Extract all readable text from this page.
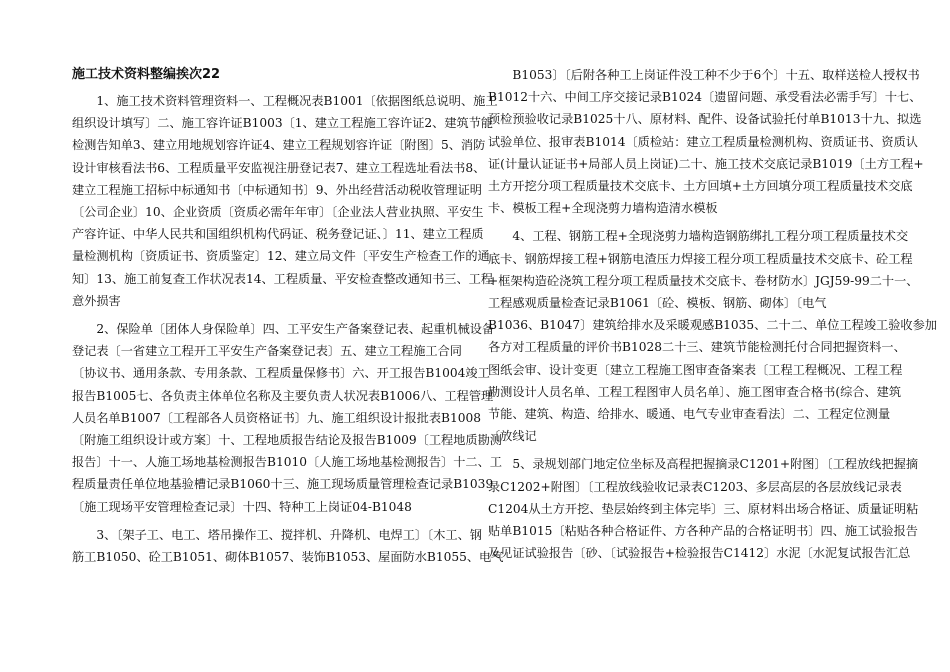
施工技术资料整编挨次22
1、施工技术资料管理资料一、工程概况表B1001〔依据图纸总说明、施工
组织设计填写〕二、施工容许证B1003〔1、建立工程施工容许证2、建筑节能
检测告知单3、建立用地规划容许证4、建立工程规划容许证〔附图〕5、消防
设计审核看法书6、工程质量平安监视注册登记表7、建立工程选址看法书8、
建立工程施工招标中标通知书〔中标通知书〕9、外出经营活动税收管理证明
〔公司企业〕10、企业资质〔资质必需年年审〕〔企业法人营业执照、平安生
产容许证、中华人民共和国组织机构代码证、税务登记证、〕11、建立工程质
量检测机构〔资质证书、资质鉴定〕12、建立局文件〔平安生产检查工作的通
知〕13、施工前复查工作状况表14、工程质量、平安检查整改通知书三、工程
意外损害
2、保险单〔团体人身保险单〕四、工平安生产备案登记表、起重机械设备
登记表〔一省建立工程开工平安生产备案登记表〕五、建立工程施工合同
〔协议书、通用条款、专用条款、工程质量保修书〕六、开工报告B1004竣工
报告B1005七、各负责主体单位名称及主要负责人状况表B1006八、工程管理
人员名单B1007〔工程部各人员资格证书〕九、施工组织设计报批表B1008
〔附施工组织设计或方案〕十、工程地质报告结论及报告B1009〔工程地质勘测
报告〕十一、人施工场地基检测报告B1010〔人施工场地基检测报告〕十二、工
程质量责任单位地基验槽记录B1060十三、施工现场质量管理检查记录B1039
〔施工现场平安管理检查记录〕十四、特种工上岗证04-B1048
3、〔架子工、电工、塔吊操作工、搅拌机、升降机、电焊工〕〔木工、钢
筋工B1050、砼工B1051、砌体B1057、装饰B1053、屋面防水B1055、电气
B1053〕〔后附各种工上岗证件没工种不少于6个〕十五、取样送检人授权书
B1012十六、中间工序交接记录B1024〔遗留问题、承受看法必需手写〕十七、
预检预验收记录B1025十八、原材料、配件、设备试验托付单B1013十九、拟选
试验单位、报审表B1014〔质检站：建立工程质量检测机构、资质证书、资质认
证(计量认证证书+局部人员上岗证)二十、施工技术交底记录B1019〔土方工程+
土方开挖分项工程质量技术交底卡、土方回填+土方回填分项工程质量技术交底
卡、模板工程+全现浇剪力墙构造清水模板
4、工程、钢筋工程+全现浇剪力墙构造钢筋绑扎工程分项工程质量技术交
底卡、钢筋焊接工程+钢筋电渣压力焊接工程分项工程质量技术交底卡、砼工程
+框架构造砼浇筑工程分项工程质量技术交底卡、卷材防水〕JGJ59-99二十一、
工程感观质量检查记录B1061〔砼、模板、钢筋、砌体〕〔电气
B1036、B1047〕建筑给排水及采暖观感B1035、二十二、单位工程竣工验收参加
各方对工程质量的评价书B1028二十三、建筑节能检测托付合同把握资料一、
图纸会审、设计变更〔建立工程施工图审查备案表〔工程工程概况、工程工程
勘测设计人员名单、工程工程图审人员名单〕、施工图审查合格书(综合、建筑
节能、建筑、构造、给排水、暖通、电气专业审查看法〕二、工程定位测量
〔放线记
5、录规划部门地定位坐标及高程把握摘录C1201+附图〕〔工程放线把握摘
录C1202+附图〕〔工程放线验收记录表C1203、多层高层的各层放线记录表
C1204从土方开挖、垫层始终到主体完毕〕三、原材料出场合格证、质量证明粘
贴单B1015〔粘贴各种合格证件、方各种产品的合格证明书〕四、施工试验报告
及见证试验报告〔砂、〔试验报告+检验报告C1412〕水泥〔水泥复试报告汇总
